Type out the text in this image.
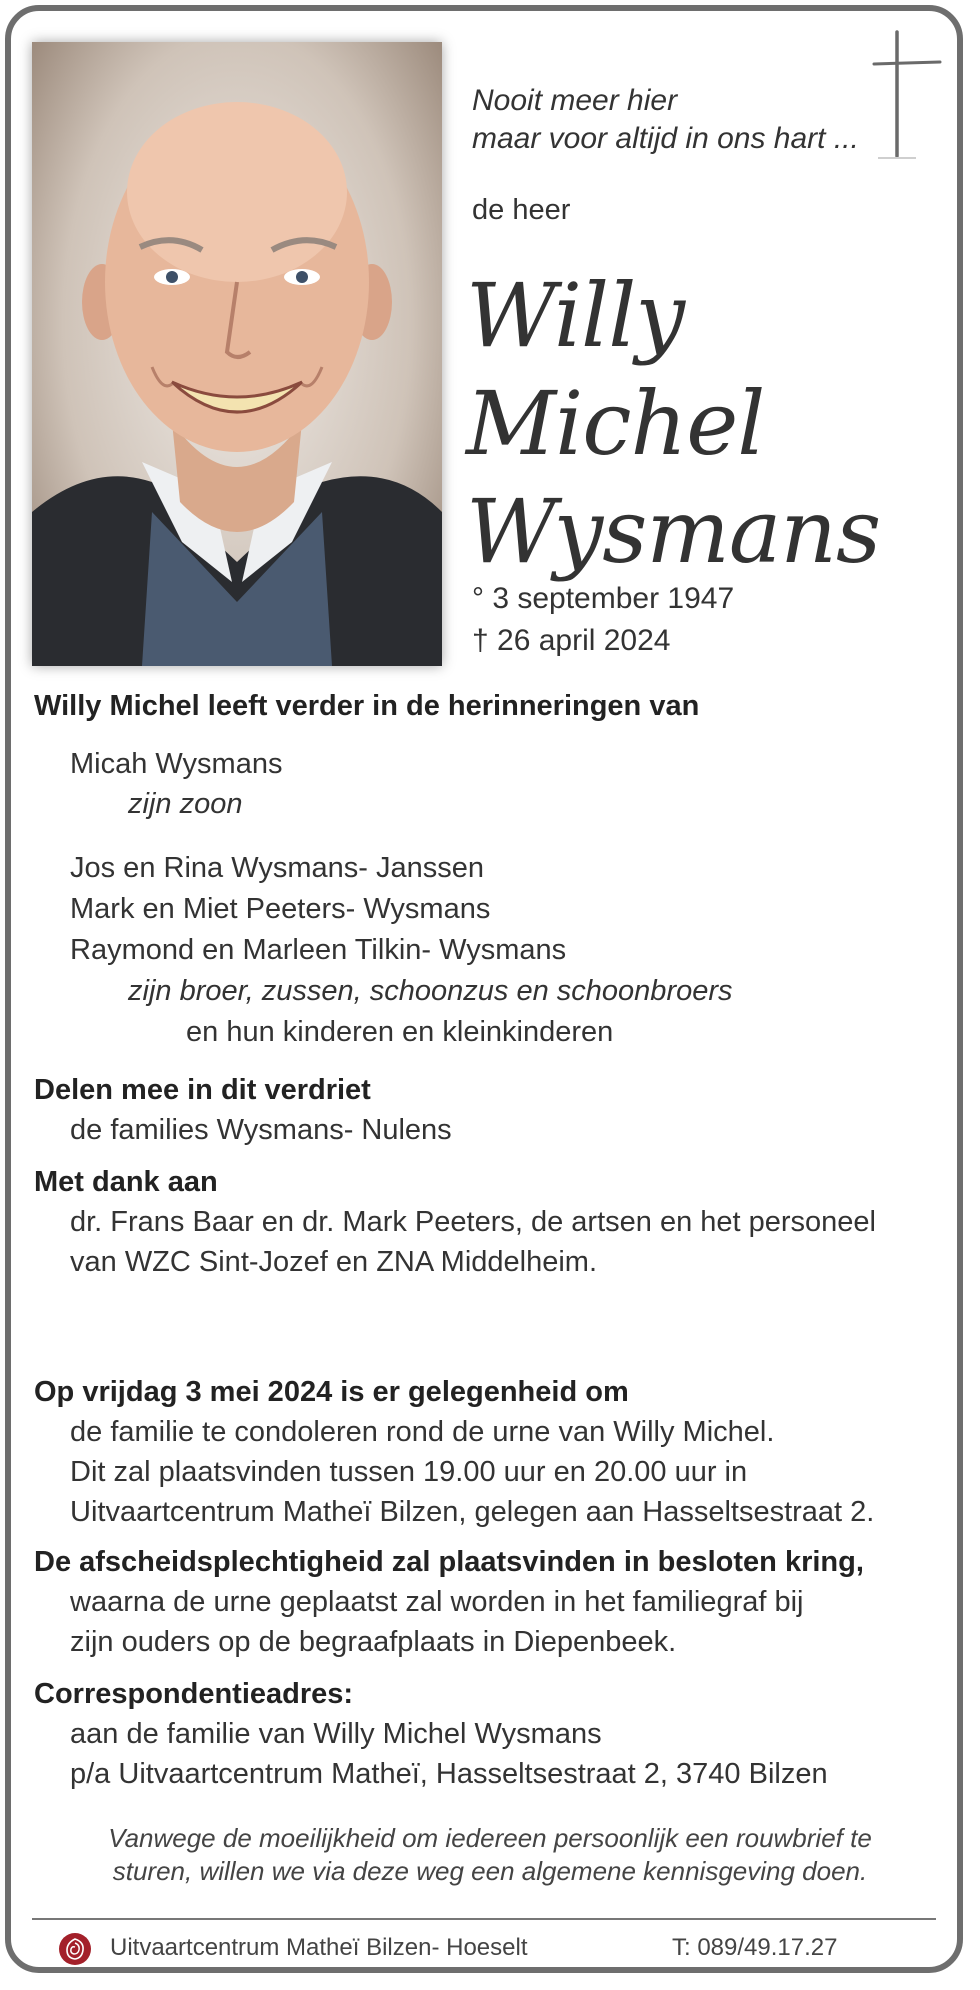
Nooit meer hier
maar voor altijd in ons hart ...
de heer
Willy Michel
Wysmans
° 3 september 1947
† 26 april 2024
Willy Michel leeft verder in de herinneringen van
Micah Wysmans
zijn zoon
Jos en Rina Wysmans- Janssen
Mark en Miet Peeters- Wysmans
Raymond en Marleen Tilkin- Wysmans
zijn broer, zussen, schoonzus en schoonbroers
en hun kinderen en kleinkinderen
Delen mee in dit verdriet
de families Wysmans- Nulens
Met dank aan
dr. Frans Baar en dr. Mark Peeters, de artsen en het personeel
van WZC Sint-Jozef en ZNA Middelheim.
Op vrijdag 3 mei 2024 is er gelegenheid om
de familie te condoleren rond de urne van Willy Michel.
Dit zal plaatsvinden tussen 19.00 uur en 20.00 uur in
Uitvaartcentrum Matheï Bilzen, gelegen aan Hasseltsestraat 2.
De afscheidsplechtigheid zal plaatsvinden in besloten kring,
waarna de urne geplaatst zal worden in het familiegraf bij
zijn ouders op de begraafplaats in Diepenbeek.
Correspondentieadres:
aan de familie van Willy Michel Wysmans
p/a Uitvaartcentrum Matheï, Hasseltsestraat 2, 3740 Bilzen
Vanwege de moeilijkheid om iedereen persoonlijk een rouwbrief te
sturen, willen we via deze weg een algemene kennisgeving doen.
Uitvaartcentrum Matheï Bilzen- Hoeselt	T: 089/49.17.27
